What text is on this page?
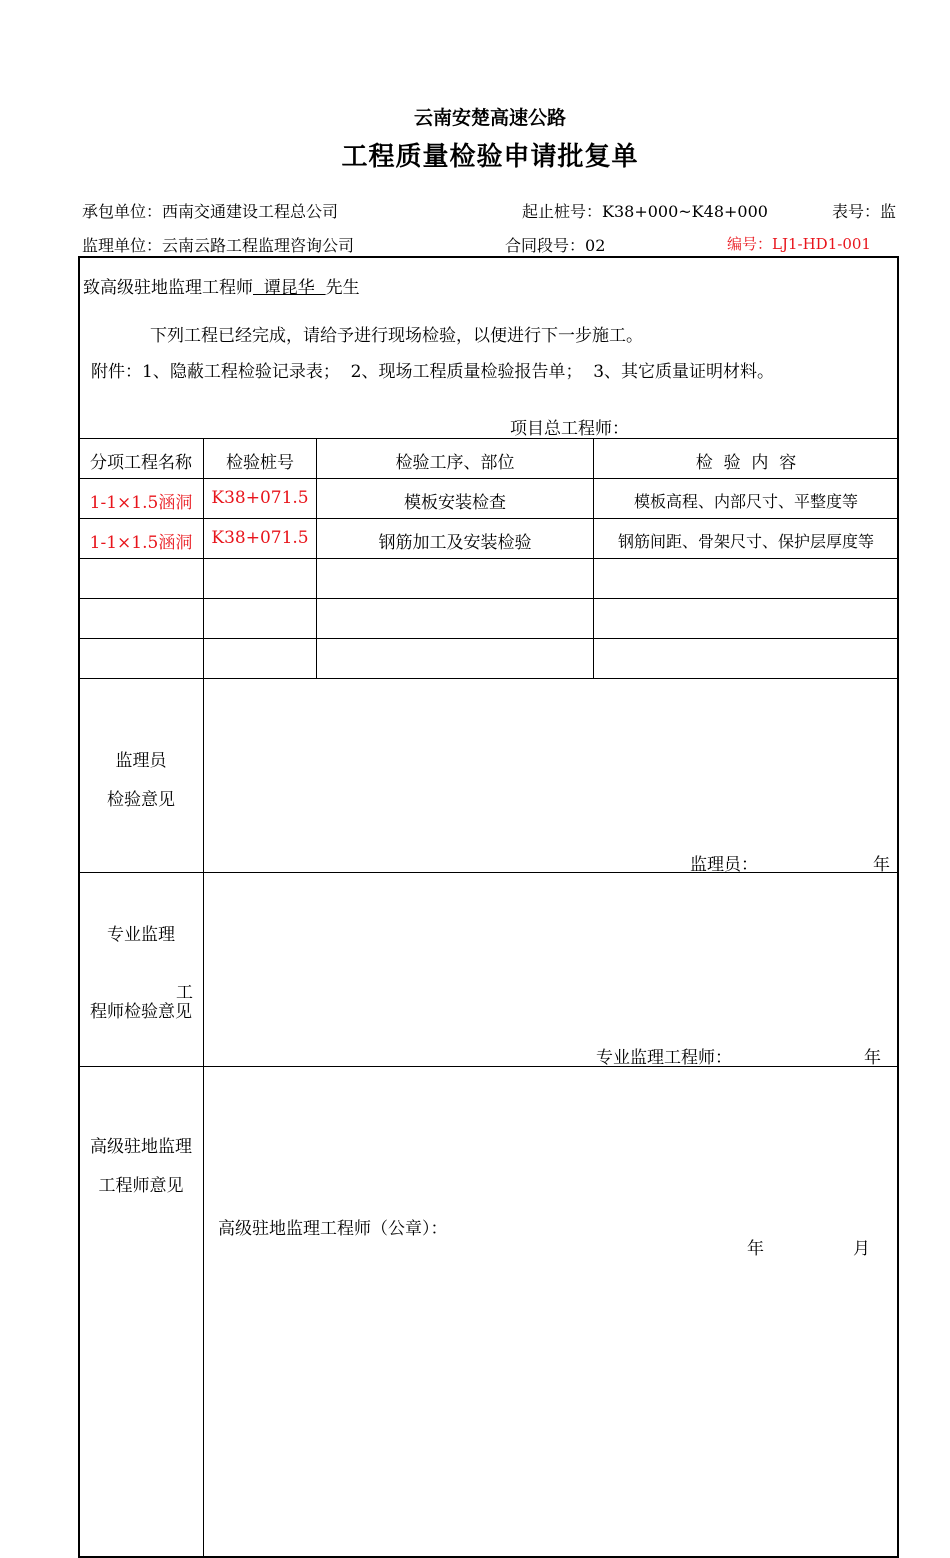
云南安楚高速公路
工程质量检验申请批复单
承包单位：西南交通建设工程总公司	起止桩号：K38+000~K48+000	表号：监
监理单位：云南云路工程监理咨询公司	合同段号：02	编号：LJ1-HD1-001
致高级驻地监理工程师  谭昆华  先生
下列工程已经完成，请给予进行现场检验，以便进行下一步施工。
附件：1、隐蔽工程检验记录表；  2、现场工程质量检验报告单；  3、其它质量证明材料。
项目总工程师：
分项工程名称	检验桩号	检验工序、部位	检  验  内  容
1-1×1.5涵洞	K38+071.5	模板安装检查	模板高程、内部尺寸、平整度等
1-1×1.5涵洞	K38+071.5	钢筋加工及安装检验	钢筋间距、骨架尺寸、保护层厚度等
监理员
检验意见
监理员：	年
专业监理
工
程师检验意见
专业监理工程师：	年
高级驻地监理
工程师意见
高级驻地监理工程师（公章）：
年	月
